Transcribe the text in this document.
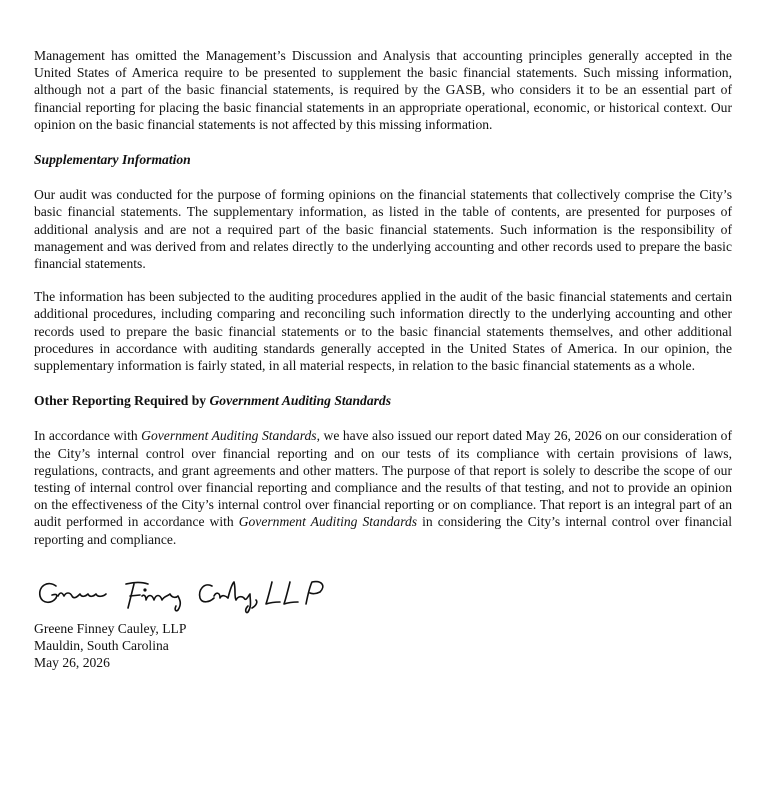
Management has omitted the Management’s Discussion and Analysis that accounting principles generally accepted in the United States of America require to be presented to supplement the basic financial statements. Such missing information, although not a part of the basic financial statements, is required by the GASB, who considers it to be an essential part of financial reporting for placing the basic financial statements in an appropriate operational, economic, or historical context. Our opinion on the basic financial statements is not affected by this missing information.

Supplementary Information

Our audit was conducted for the purpose of forming opinions on the financial statements that collectively comprise the City’s basic financial statements. The supplementary information, as listed in the table of contents, are presented for purposes of additional analysis and are not a required part of the basic financial statements. Such information is the responsibility of management and was derived from and relates directly to the underlying accounting and other records used to prepare the basic financial statements.

The information has been subjected to the auditing procedures applied in the audit of the basic financial statements and certain additional procedures, including comparing and reconciling such information directly to the underlying accounting and other records used to prepare the basic financial statements or to the basic financial statements themselves, and other additional procedures in accordance with auditing standards generally accepted in the United States of America. In our opinion, the supplementary information is fairly stated, in all material respects, in relation to the basic financial statements as a whole.

Other Reporting Required by Government Auditing Standards

In accordance with Government Auditing Standards, we have also issued our report dated May 26, 2026 on our consideration of the City’s internal control over financial reporting and on our tests of its compliance with certain provisions of laws, regulations, contracts, and grant agreements and other matters. The purpose of that report is solely to describe the scope of our testing of internal control over financial reporting and compliance and the results of that testing, and not to provide an opinion on the effectiveness of the City’s internal control over financial reporting or on compliance. That report is an integral part of an audit performed in accordance with Government Auditing Standards in considering the City’s internal control over financial reporting and compliance.

Greene Finney Cauley, LLP

Mauldin, South Carolina

May 26, 2026
